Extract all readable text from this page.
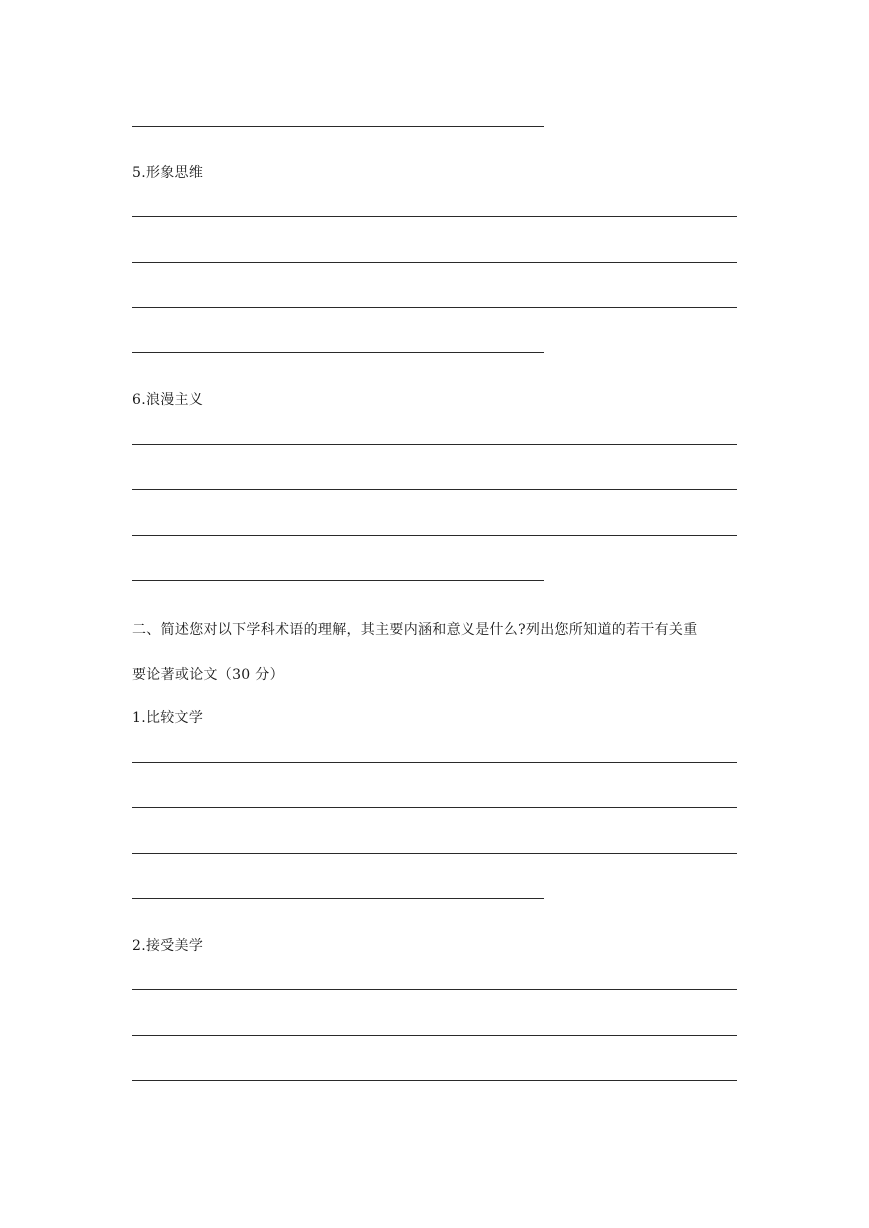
5.形象思维
6.浪漫主义
二、简述您对以下学科术语的理解，其主要内涵和意义是什么?列出您所知道的若干有关重
要论著或论文（30 分）
1.比较文学
2.接受美学
